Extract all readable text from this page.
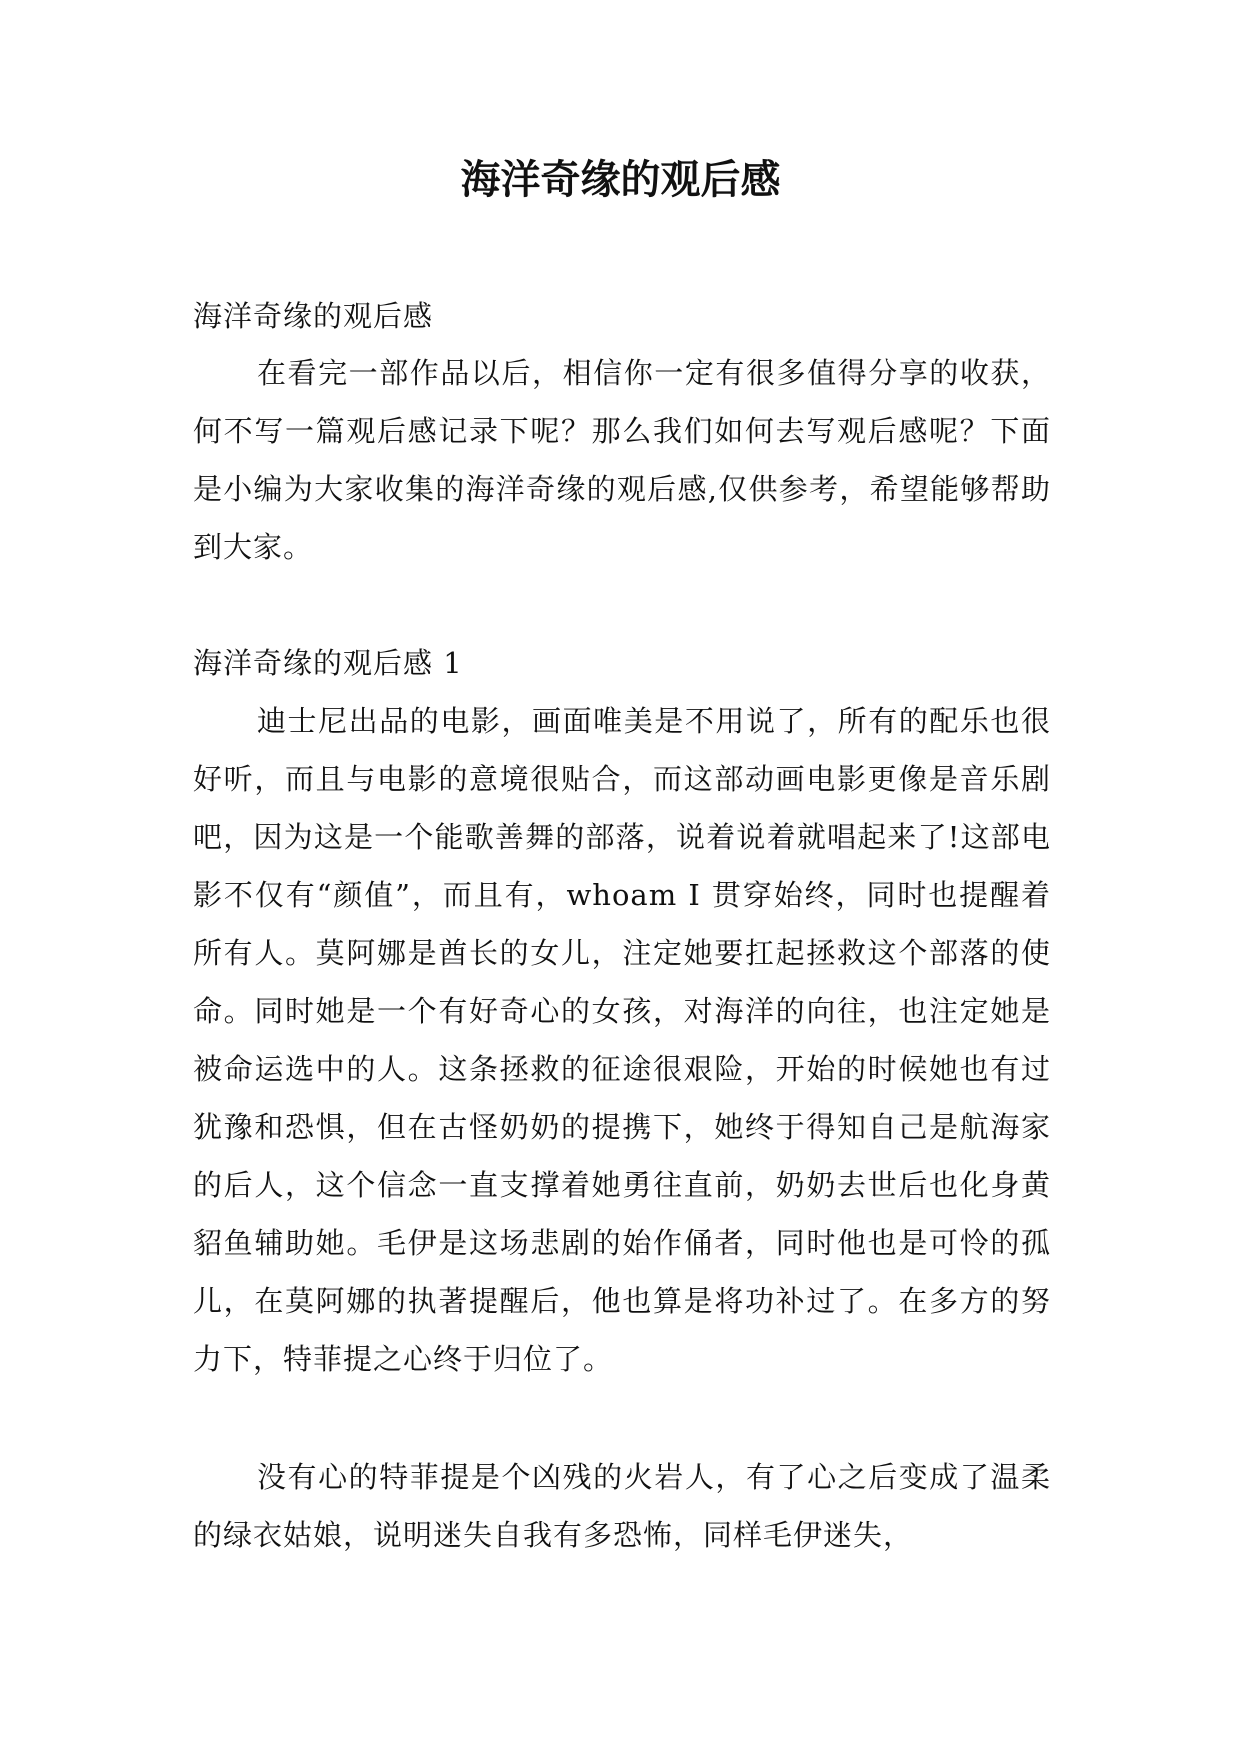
海洋奇缘的观后感

海洋奇缘的观后感

在看完一部作品以后，相信你一定有很多值得分享的收获，何不写一篇观后感记录下呢？那么我们如何去写观后感呢？下面是小编为大家收集的海洋奇缘的观后感,仅供参考，希望能够帮助到大家。

海洋奇缘的观后感 1

迪士尼出品的电影，画面唯美是不用说了，所有的配乐也很好听，而且与电影的意境很贴合，而这部动画电影更像是音乐剧吧，因为这是一个能歌善舞的部落，说着说着就唱起来了!这部电影不仅有“颜值”，而且有，whoam I 贯穿始终，同时也提醒着所有人。莫阿娜是酋长的女儿，注定她要扛起拯救这个部落的使命。同时她是一个有好奇心的女孩，对海洋的向往，也注定她是被命运选中的人。这条拯救的征途很艰险，开始的时候她也有过犹豫和恐惧，但在古怪奶奶的提携下，她终于得知自己是航海家的后人，这个信念一直支撑着她勇往直前，奶奶去世后也化身黄貂鱼辅助她。毛伊是这场悲剧的始作俑者，同时他也是可怜的孤儿，在莫阿娜的执著提醒后，他也算是将功补过了。在多方的努力下，特菲提之心终于归位了。

没有心的特菲提是个凶残的火岩人，有了心之后变成了温柔的绿衣姑娘，说明迷失自我有多恐怖，同样毛伊迷失，
